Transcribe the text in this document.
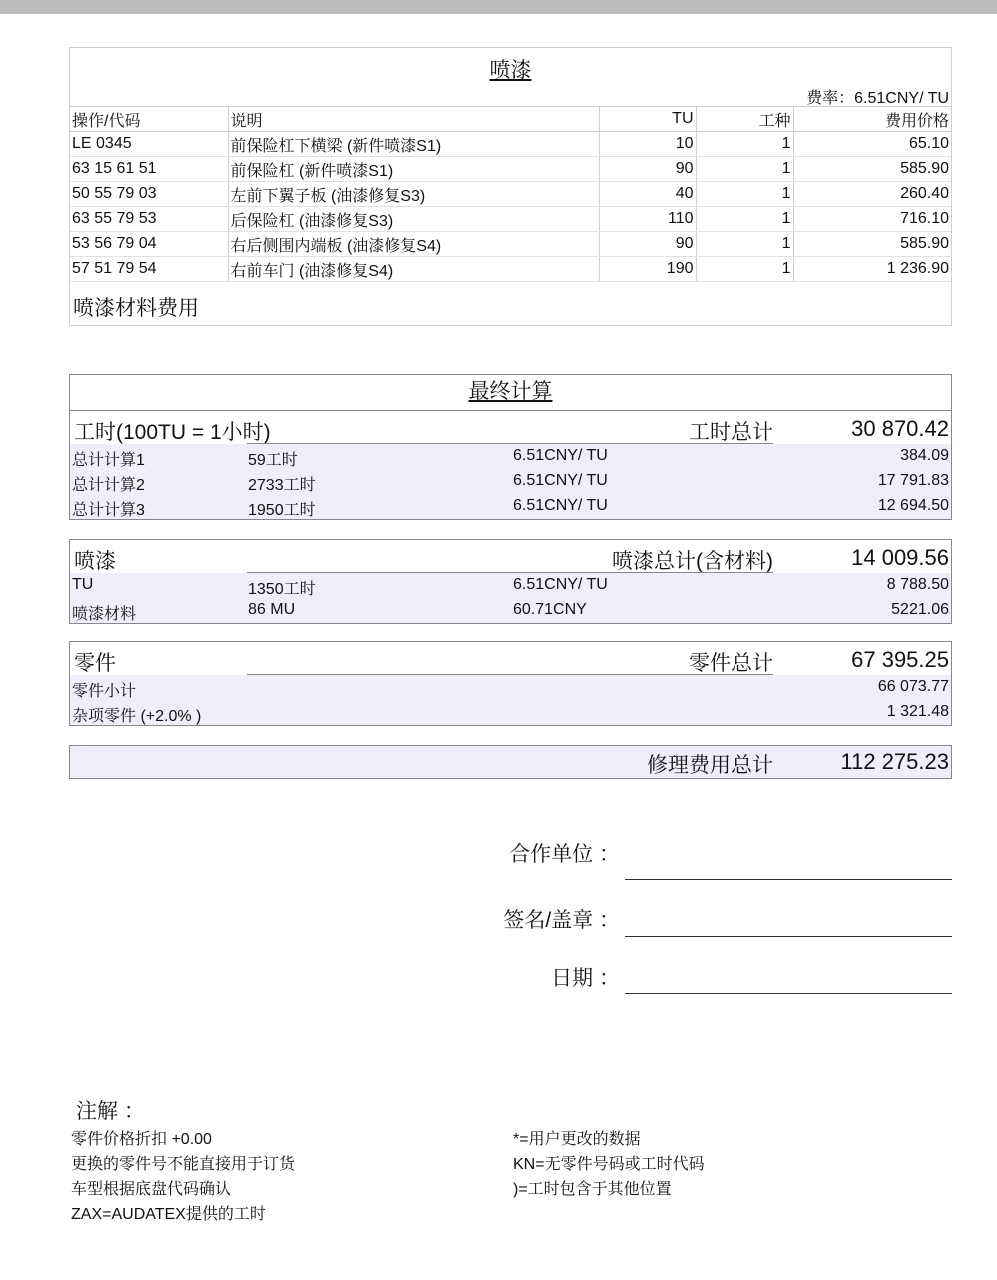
喷漆
费率：6.51CNY/ TU
操作/代码	说明	TU	工种	费用价格
LE 0345	前保险杠下横梁 (新件喷漆S1)	10	1	65.10
63 15 61 51	前保险杠 (新件喷漆S1)	90	1	585.90
50 55 79 03	左前下翼子板 (油漆修复S3)	40	1	260.40
63 55 79 53	后保险杠 (油漆修复S3)	110	1	716.10
53 56 79 04	右后侧围内端板 (油漆修复S4)	90	1	585.90
57 51 79 54	右前车门 (油漆修复S4)	190	1	1 236.90
喷漆材料费用
最终计算
工时(100TU = 1小时)	工时总计	30 870.42
总计计算1	59工时	6.51CNY/ TU	384.09
总计计算2	2733工时	6.51CNY/ TU	17 791.83
总计计算3	1950工时	6.51CNY/ TU	12 694.50
喷漆	喷漆总计(含材料)	14 009.56
TU	1350工时	6.51CNY/ TU	8 788.50
喷漆材料	86 MU	60.71CNY	5221.06
零件	零件总计	67 395.25
零件小计	66 073.77
杂项零件 (+2.0% )	1 321.48
修理费用总计	112 275.23
合作单位 ：
签名/盖章 ：
日期 ：
注解 ：
零件价格折扣 +0.00
更换的零件号不能直接用于订货
车型根据底盘代码确认
ZAX=AUDATEX提供的工时
*=用户更改的数据
KN=无零件号码或工时代码
)=工时包含于其他位置
